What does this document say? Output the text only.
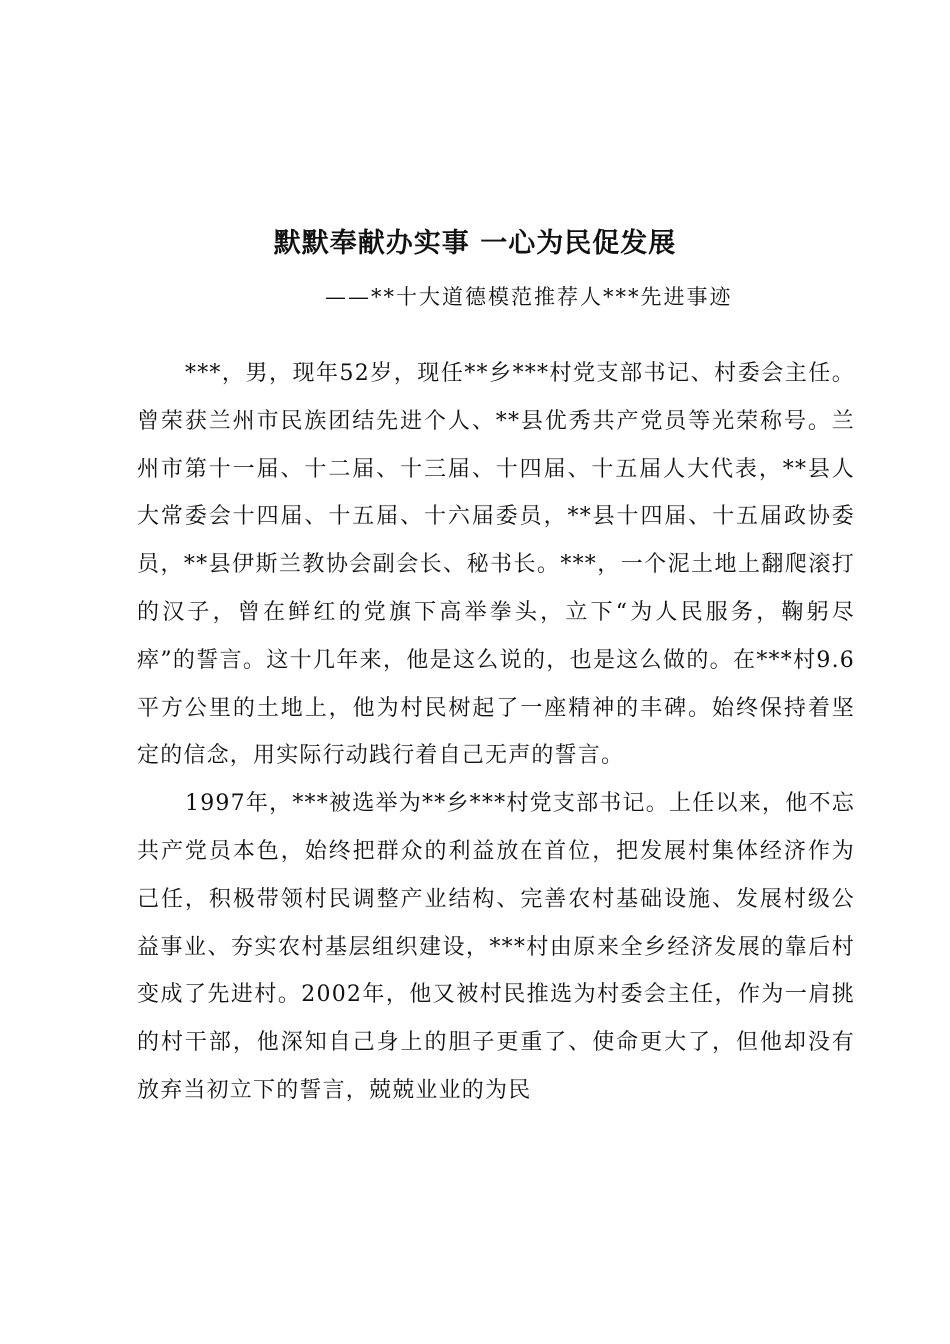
默默奉献办实事 一心为民促发展

——**十大道德模范推荐人***先进事迹

***，男，现年52岁，现任**乡***村党支部书记、村委会主任。曾荣获兰州市民族团结先进个人、**县优秀共产党员等光荣称号。兰州市第十一届、十二届、十三届、十四届、十五届人大代表，**县人大常委会十四届、十五届、十六届委员，**县十四届、十五届政协委员，**县伊斯兰教协会副会长、秘书长。***，一个泥土地上翻爬滚打的汉子，曾在鲜红的党旗下高举拳头，立下“为人民服务，鞠躬尽瘁”的誓言。这十几年来，他是这么说的，也是这么做的。在***村9.6平方公里的土地上，他为村民树起了一座精神的丰碑。始终保持着坚定的信念，用实际行动践行着自己无声的誓言。

1997年，***被选举为**乡***村党支部书记。上任以来，他不忘共产党员本色，始终把群众的利益放在首位，把发展村集体经济作为己任，积极带领村民调整产业结构、完善农村基础设施、发展村级公益事业、夯实农村基层组织建设，***村由原来全乡经济发展的靠后村变成了先进村。2002年，他又被村民推选为村委会主任，作为一肩挑的村干部，他深知自己身上的胆子更重了、使命更大了，但他却没有放弃当初立下的誓言，兢兢业业的为民
